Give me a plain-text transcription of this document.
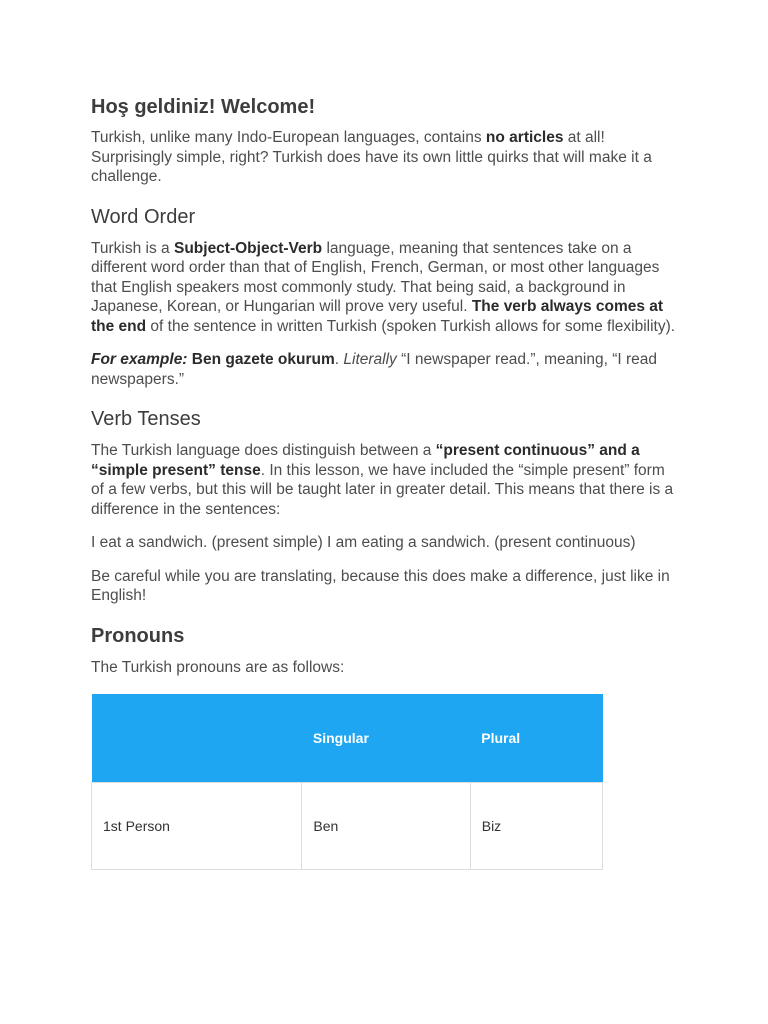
Hoş geldiniz! Welcome!

Turkish, unlike many Indo-European languages, contains no articles at all! Surprisingly simple, right? Turkish does have its own little quirks that will make it a challenge.

Word Order

Turkish is a Subject-Object-Verb language, meaning that sentences take on a different word order than that of English, French, German, or most other languages that English speakers most commonly study. That being said, a background in Japanese, Korean, or Hungarian will prove very useful. The verb always comes at the end of the sentence in written Turkish (spoken Turkish allows for some flexibility).

For example: Ben gazete okurum. Literally “I newspaper read.”, meaning, “I read newspapers.”

Verb Tenses

The Turkish language does distinguish between a “present continuous” and a “simple present” tense. In this lesson, we have included the “simple present” form of a few verbs, but this will be taught later in greater detail. This means that there is a difference in the sentences:

I eat a sandwich. (present simple) I am eating a sandwich. (present continuous)

Be careful while you are translating, because this does make a difference, just like in English!

Pronouns

The Turkish pronouns are as follows:

	Singular	Plural
1st Person	Ben	Biz
